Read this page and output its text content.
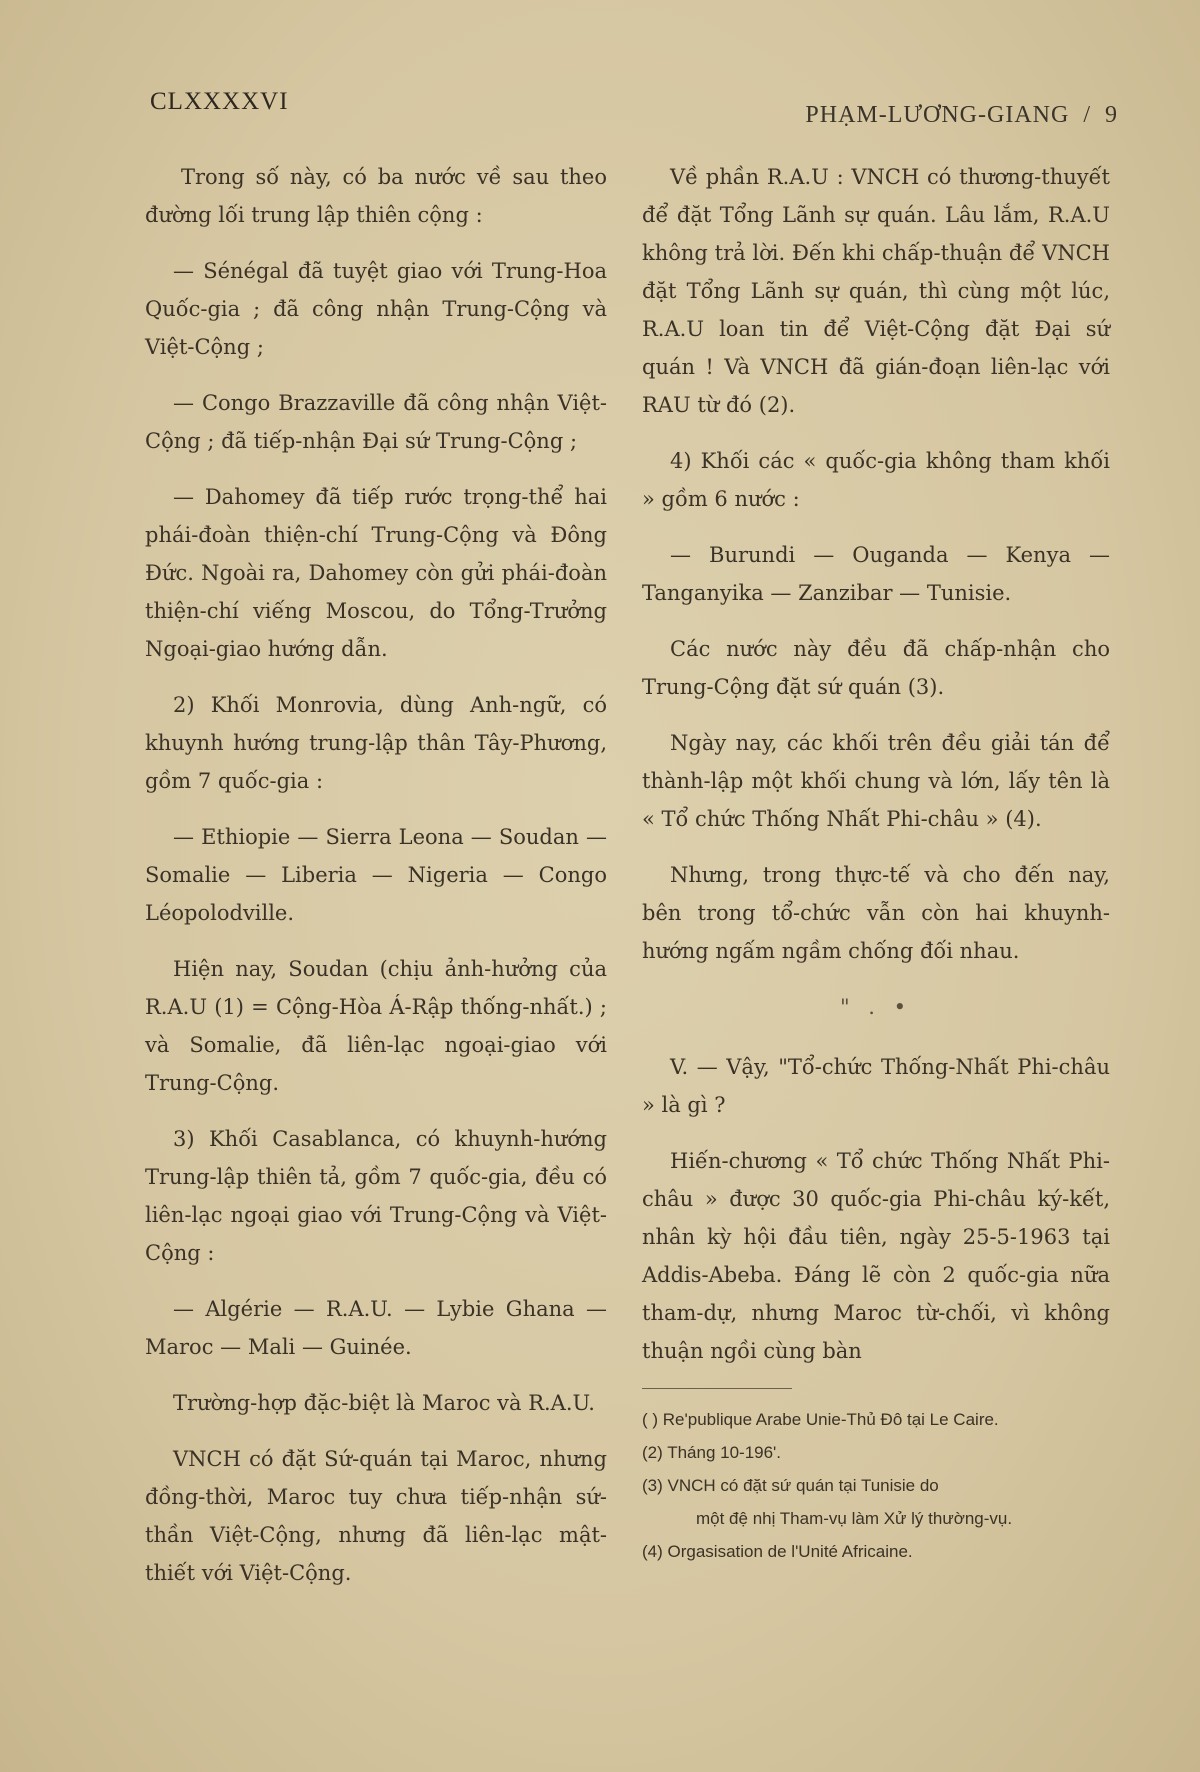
CLXXXXVI	PHẠM-LƯƠNG-GIANG / 9

Trong số này, có ba nước về sau theo đường lối trung lập thiên cộng :

— Sénégal đã tuyệt giao với Trung-Hoa Quốc-gia ; đã công nhận Trung-Cộng và Việt-Cộng ;

— Congo Brazzaville đã công nhận Việt-Cộng ; đã tiếp-nhận Đại sứ Trung-Cộng ;

— Dahomey đã tiếp rước trọng-thể hai phái-đoàn thiện-chí Trung-Cộng và Đông Đức. Ngoài ra, Dahomey còn gửi phái-đoàn thiện-chí viếng Moscou, do Tổng-Trưởng Ngoại-giao hướng dẫn.

2) Khối Monrovia, dùng Anh-ngữ, có khuynh hướng trung-lập thân Tây-Phương, gồm 7 quốc-gia :

— Ethiopie — Sierra Leona — Soudan — Somalie — Liberia — Nigeria — Congo Léopolodville.

Hiện nay, Soudan (chịu ảnh-hưởng của R.A.U (1) = Cộng-Hòa Á-Rập thống-nhất.) ; và Somalie, đã liên-lạc ngoại-giao với Trung-Cộng.

3) Khối Casablanca, có khuynh-hướng Trung-lập thiên tả, gồm 7 quốc-gia, đều có liên-lạc ngoại giao với Trung-Cộng và Việt-Cộng :

— Algérie — R.A.U. — Lybie Ghana — Maroc — Mali — Guinée.

Trường-hợp đặc-biệt là Maroc và R.A.U.

VNCH có đặt Sứ-quán tại Maroc, nhưng đồng-thời, Maroc tuy chưa tiếp-nhận sứ-thần Việt-Cộng, nhưng đã liên-lạc mật-thiết với Việt-Cộng.

Về phần R.A.U : VNCH có thương-thuyết để đặt Tổng Lãnh sự quán. Lâu lắm, R.A.U không trả lời. Đến khi chấp-thuận để VNCH đặt Tổng Lãnh sự quán, thì cùng một lúc, R.A.U loan tin để Việt-Cộng đặt Đại sứ quán ! Và VNCH đã gián-đoạn liên-lạc với RAU từ đó (2).

4) Khối các « quốc-gia không tham khối » gồm 6 nước :

— Burundi — Ouganda — Kenya — Tanganyika — Zanzibar — Tunisie.

Các nước này đều đã chấp-nhận cho Trung-Cộng đặt sứ quán (3).

Ngày nay, các khối trên đều giải tán để thành-lập một khối chung và lớn, lấy tên là « Tổ chức Thống Nhất Phi-châu » (4).

Nhưng, trong thực-tế và cho đến nay, bên trong tổ-chức vẫn còn hai khuynh-hướng ngấm ngầm chống đối nhau.

" . •

V. — Vậy, "Tổ-chức Thống-Nhất Phi-châu » là gì ?

Hiến-chương « Tổ chức Thống Nhất Phi-châu » được 30 quốc-gia Phi-châu ký-kết, nhân kỳ hội đầu tiên, ngày 25-5-1963 tại Addis-Abeba. Đáng lẽ còn 2 quốc-gia nữa tham-dự, nhưng Maroc từ-chối, vì không thuận ngồi cùng bàn

( ) Re'publique Arabe Unie-Thủ Đô tại Le Caire.
(2) Tháng 10-196'.
(3) VNCH có đặt sứ quán tại Tunisie do
một đệ nhị Tham-vụ làm Xử lý thường-vụ.
(4) Orgasisation de l'Unité Africaine.
